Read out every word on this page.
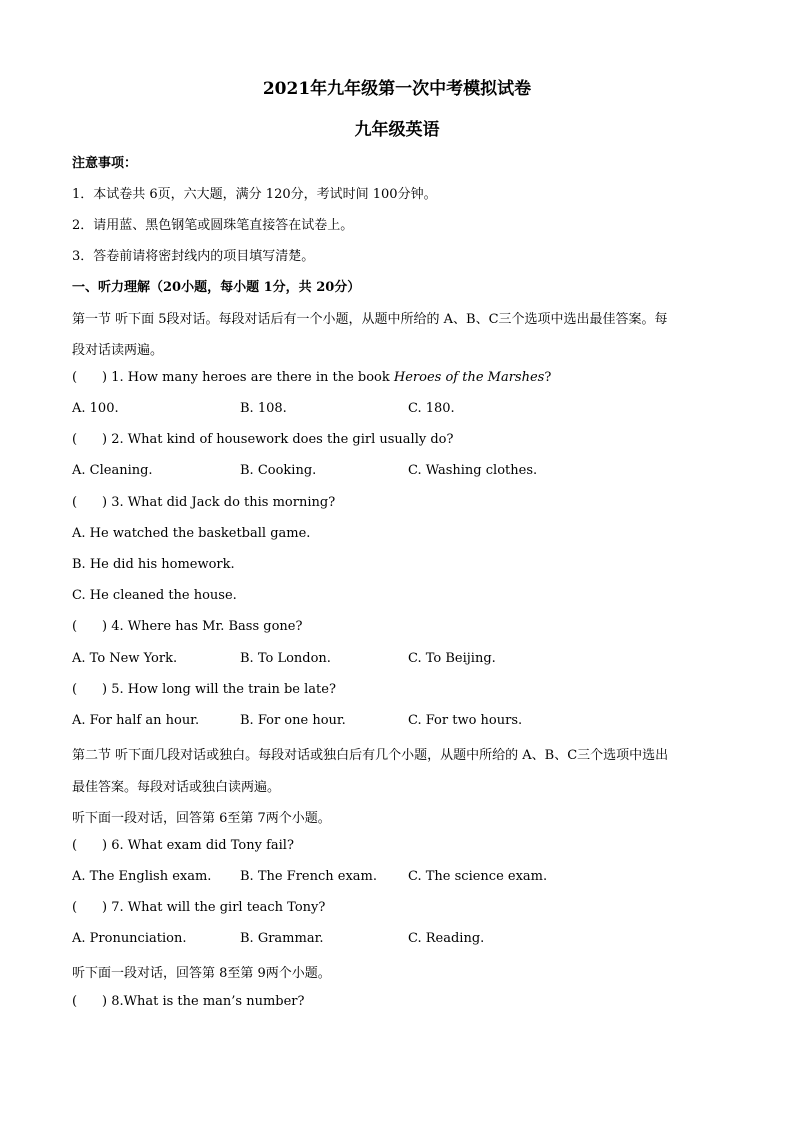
2021年九年级第一次中考模拟试卷
九年级英语
注意事项：
1．本试卷共 6页，六大题，满分 120分，考试时间 100分钟。
2．请用蓝、黑色钢笔或圆珠笔直接答在试卷上。
3．答卷前请将密封线内的项目填写清楚。
一、听力理解（20小题，每小题 1分，共 20分）
第一节 听下面 5段对话。每段对话后有一个小题，从题中所给的 A、B、C三个选项中选出最佳答案。每
段对话读两遍。
( ) 1. How many heroes are there in the book Heroes of the Marshes?
A. 100.	B. 108.	C. 180.
( ) 2. What kind of housework does the girl usually do?
A. Cleaning.	B. Cooking.	C. Washing clothes.
( ) 3. What did Jack do this morning?
A. He watched the basketball game.
B. He did his homework.
C. He cleaned the house.
( ) 4. Where has Mr. Bass gone?
A. To New York.	B. To London.	C. To Beijing.
( ) 5. How long will the train be late?
A. For half an hour.	B. For one hour.	C. For two hours.
第二节 听下面几段对话或独白。每段对话或独白后有几个小题，从题中所给的 A、B、C三个选项中选出
最佳答案。每段对话或独白读两遍。
听下面一段对话，回答第 6至第 7两个小题。
( ) 6. What exam did Tony fail?
A. The English exam. B. The French exam. C. The science exam.
( ) 7. What will the girl teach Tony?
A. Pronunciation.	B. Grammar.	C. Reading.
听下面一段对话，回答第 8至第 9两个小题。
( ) 8.What is the man’s number?
